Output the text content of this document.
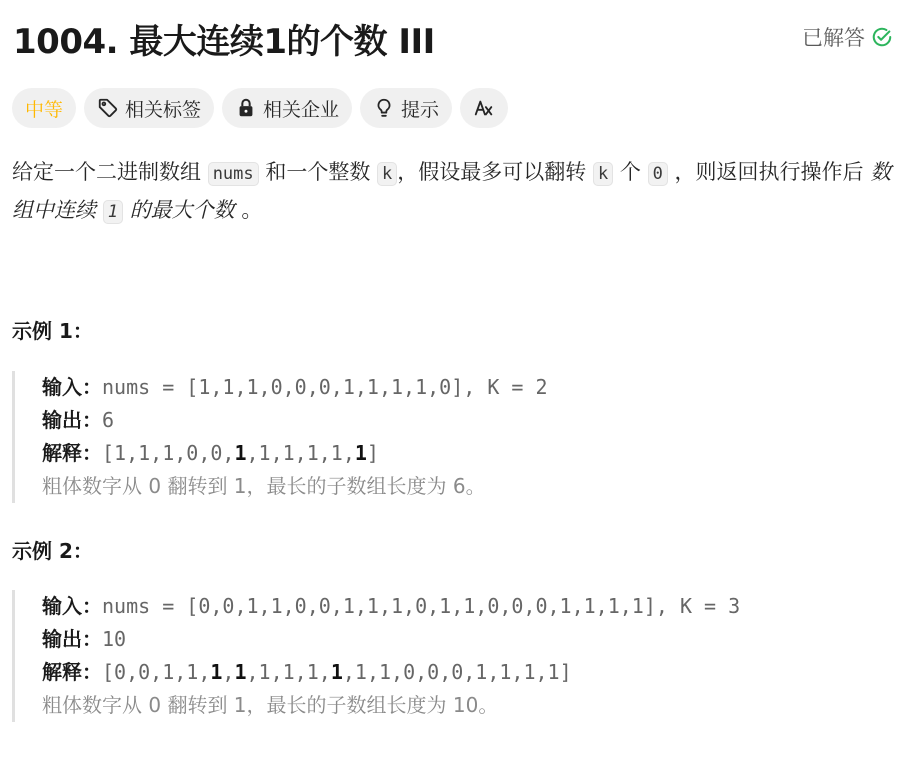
1004. 最大连续1的个数 III	已解答
中等	相关标签	相关企业	提示
给定一个二进制数组 nums 和一个整数 k ，假设最多可以翻转 k 个 0 ，则返回执行操作后 数组中连续 1 的最大个数 。
示例 1：
输入：nums = [1,1,1,0,0,0,1,1,1,1,0], K = 2
输出：6
解释：[1,1,1,0,0,1,1,1,1,1,1]
粗体数字从 0 翻转到 1，最长的子数组长度为 6。
示例 2：
输入：nums = [0,0,1,1,0,0,1,1,1,0,1,1,0,0,0,1,1,1,1], K = 3
输出：10
解释：[0,0,1,1,1,1,1,1,1,1,1,1,0,0,0,1,1,1,1]
粗体数字从 0 翻转到 1，最长的子数组长度为 10。
